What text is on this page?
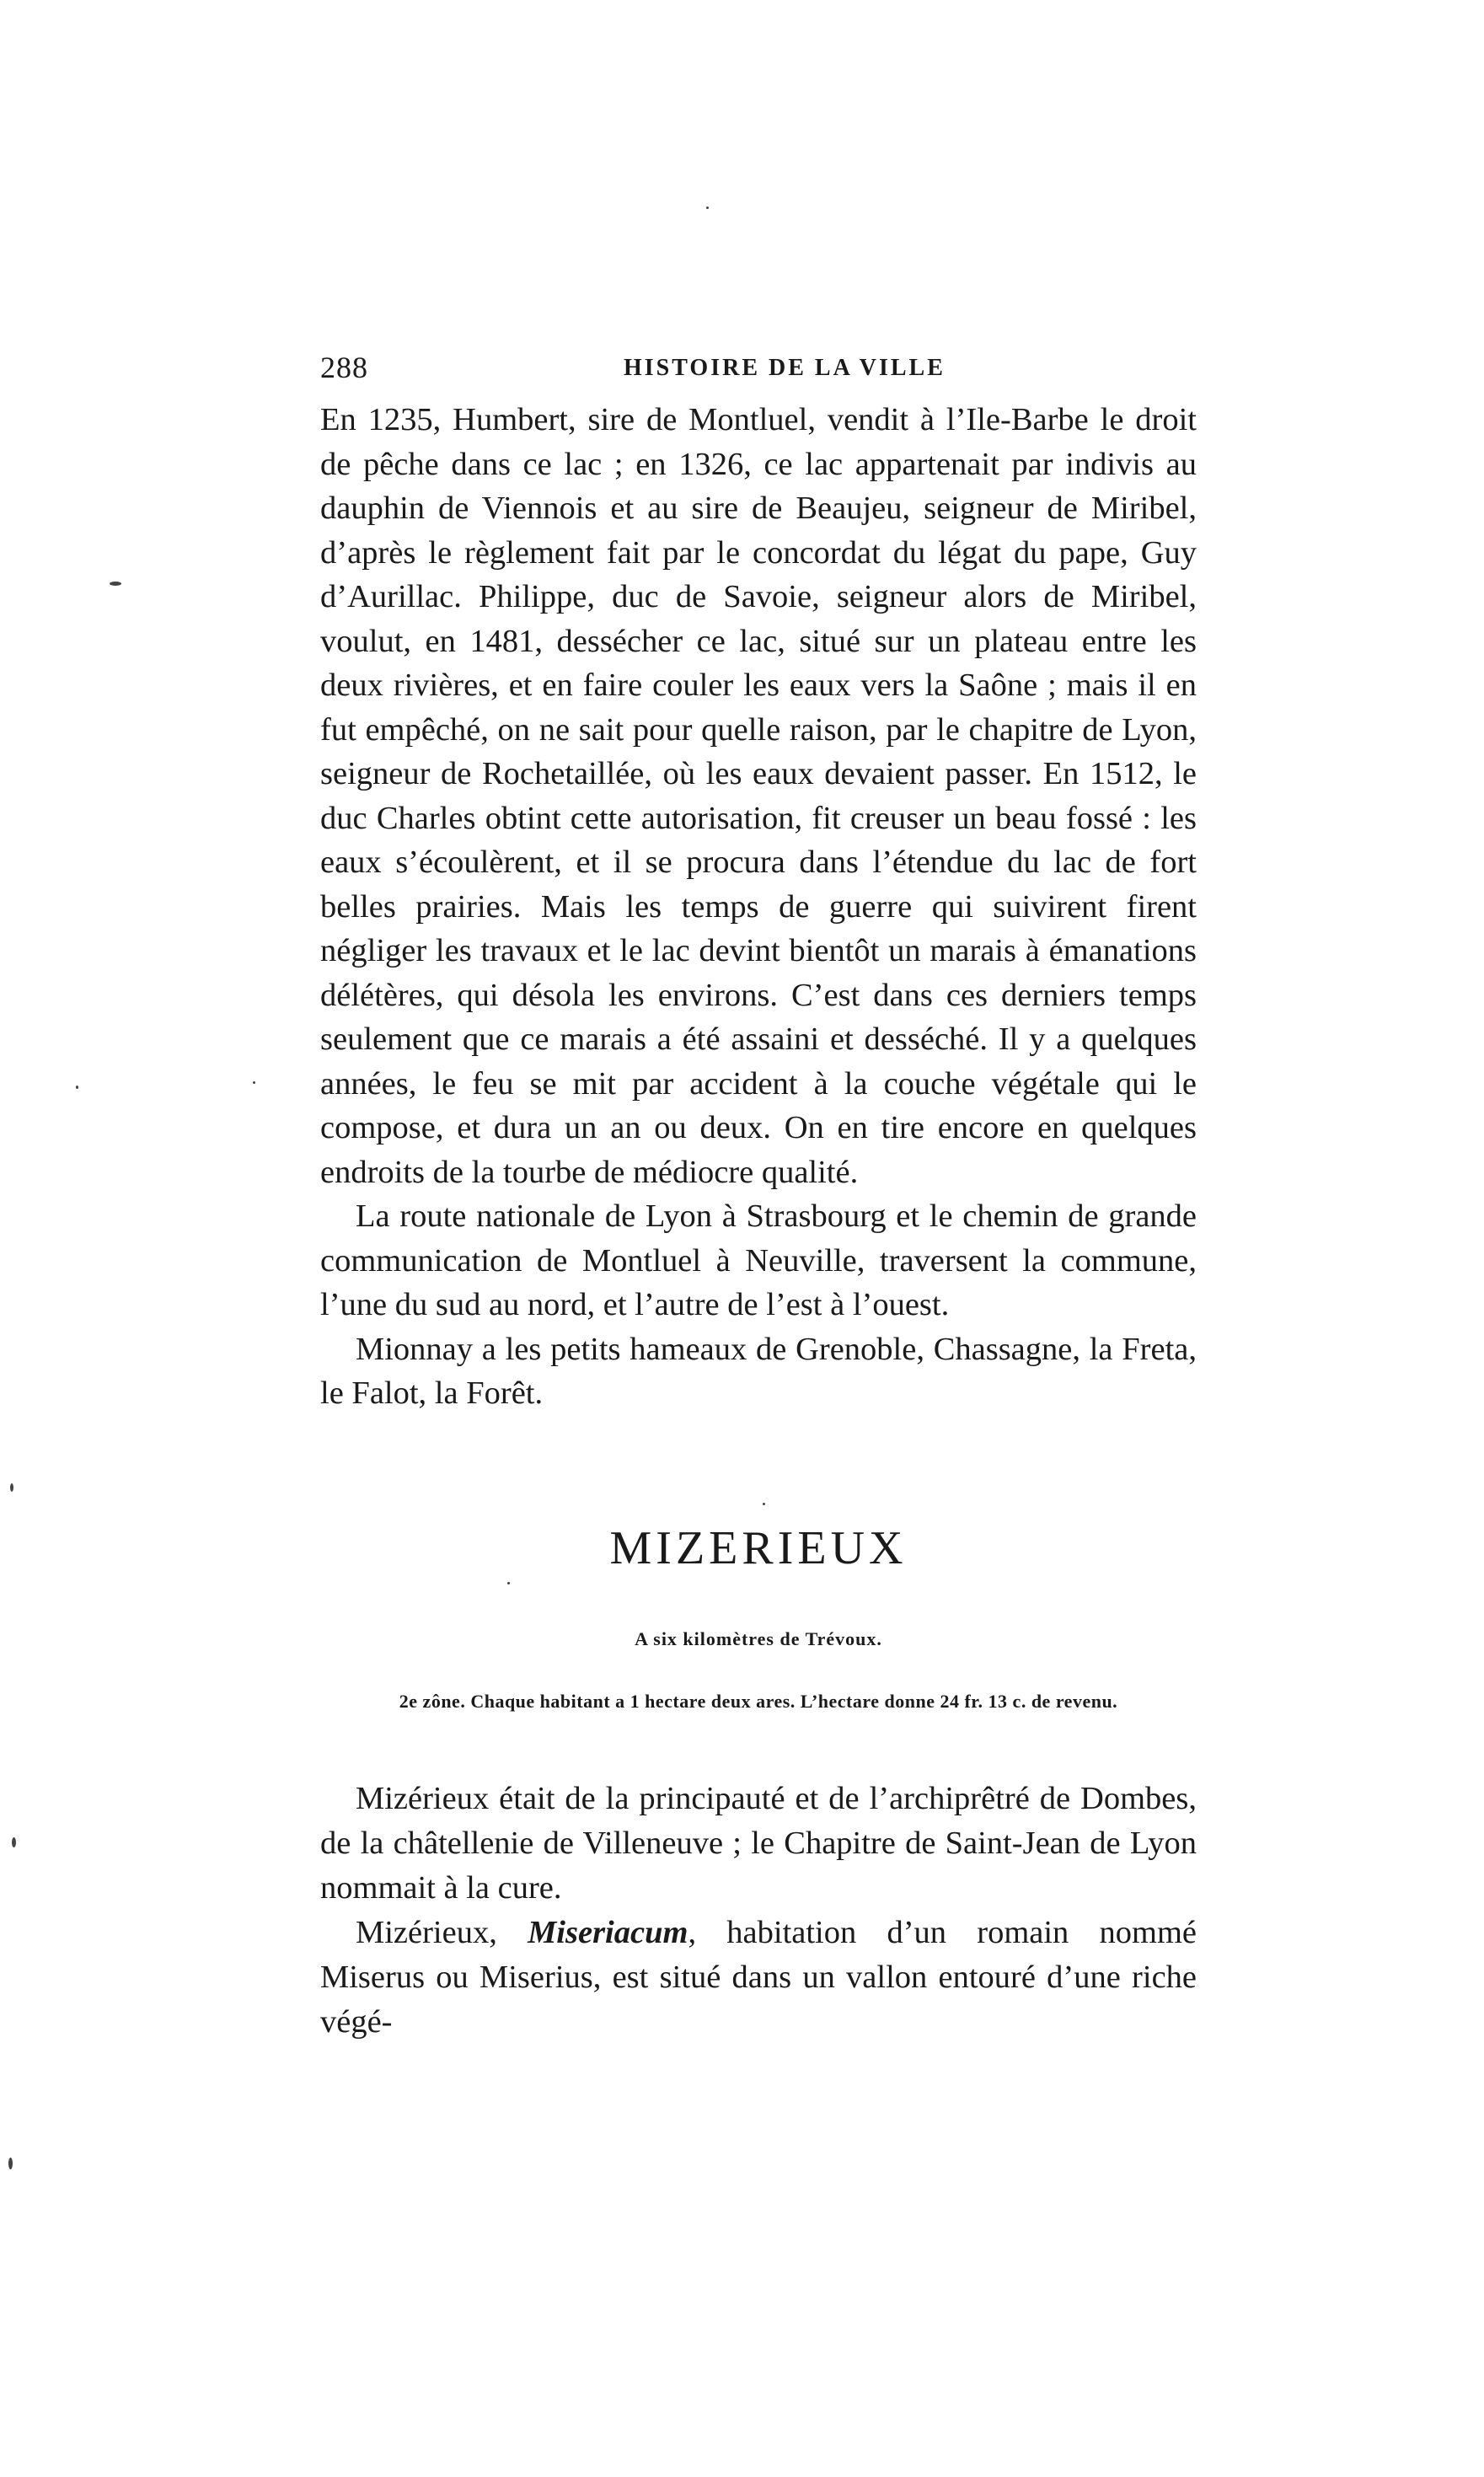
288	HISTOIRE DE LA VILLE

En 1235, Humbert, sire de Montluel, vendit à l’Ile-Barbe le droit de pêche dans ce lac ; en 1326, ce lac appartenait par indivis au dauphin de Viennois et au sire de Beaujeu, seigneur de Miribel, d’après le règlement fait par le concordat du légat du pape, Guy d’Aurillac. Philippe, duc de Savoie, seigneur alors de Miribel, voulut, en 1481, dessécher ce lac, situé sur un plateau entre les deux rivières, et en faire couler les eaux vers la Saône ; mais il en fut empêché, on ne sait pour quelle raison, par le chapitre de Lyon, seigneur de Rochetaillée, où les eaux devaient passer. En 1512, le duc Charles obtint cette autorisation, fit creuser un beau fossé : les eaux s’écoulèrent, et il se procura dans l’étendue du lac de fort belles prairies. Mais les temps de guerre qui suivirent firent négliger les travaux et le lac devint bientôt un marais à émanations délétères, qui désola les environs. C’est dans ces derniers temps seulement que ce marais a été assaini et desséché. Il y a quelques années, le feu se mit par accident à la couche végétale qui le compose, et dura un an ou deux. On en tire encore en quelques endroits de la tourbe de médiocre qualité.

La route nationale de Lyon à Strasbourg et le chemin de grande communication de Montluel à Neuville, traversent la commune, l’une du sud au nord, et l’autre de l’est à l’ouest.

Mionnay a les petits hameaux de Grenoble, Chassagne, la Freta, le Falot, la Forêt.

MIZERIEUX
A six kilomètres de Trévoux.
2e zône. Chaque habitant a 1 hectare deux ares. L’hectare donne 24 fr. 13 c. de revenu.

Mizérieux était de la principauté et de l’archiprêtré de Dombes, de la châtellenie de Villeneuve ; le Chapitre de Saint-Jean de Lyon nommait à la cure.

Mizérieux, Miseriacum, habitation d’un romain nommé Miserus ou Miserius, est situé dans un vallon entouré d’une riche végé-
